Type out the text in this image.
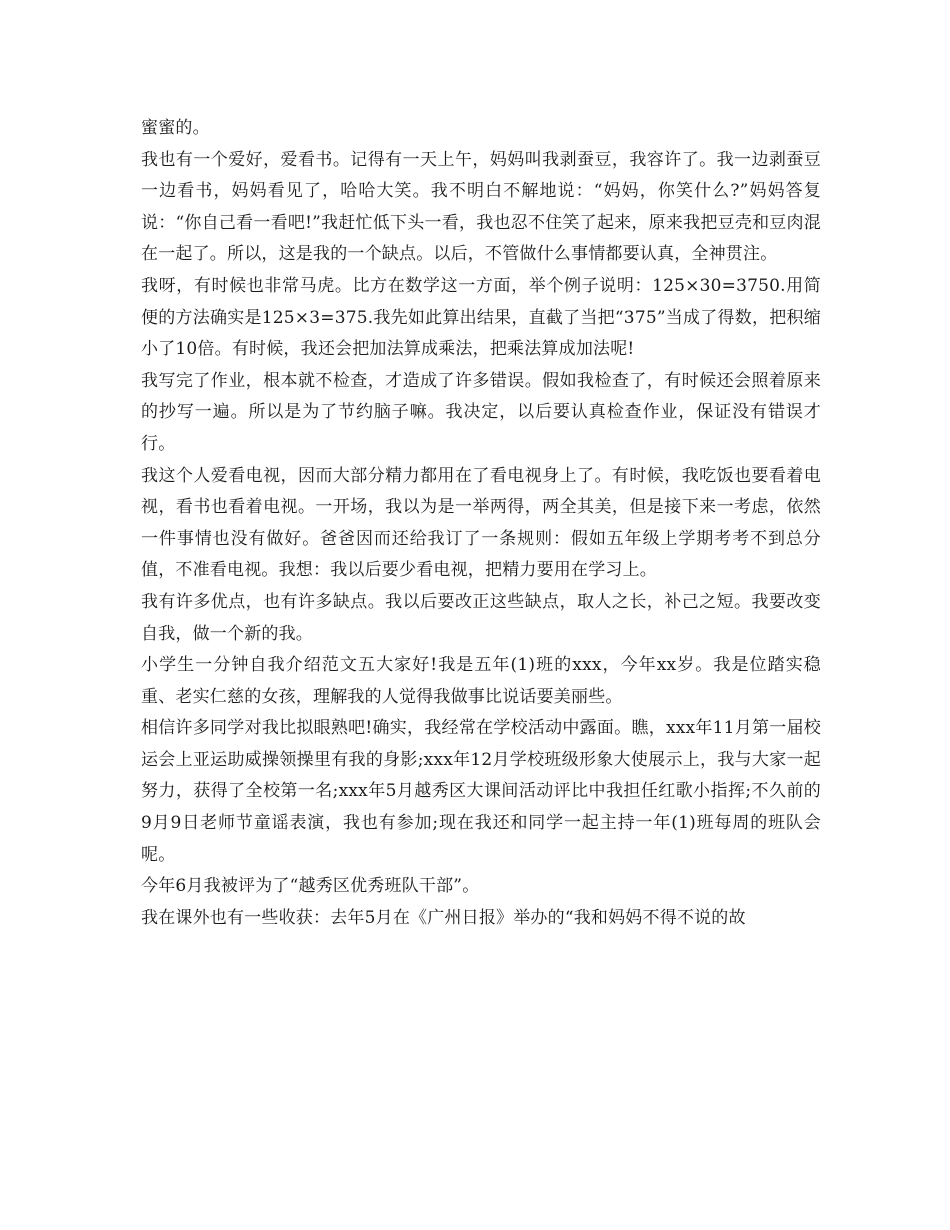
蜜蜜的。

我也有一个爱好，爱看书。记得有一天上午，妈妈叫我剥蚕豆，我容许了。我一边剥蚕豆一边看书，妈妈看见了，哈哈大笑。我不明白不解地说：“妈妈，你笑什么?”妈妈答复说：“你自己看一看吧!”我赶忙低下头一看，我也忍不住笑了起来，原来我把豆壳和豆肉混在一起了。所以，这是我的一个缺点。以后，不管做什么事情都要认真，全神贯注。

我呀，有时候也非常马虎。比方在数学这一方面，举个例子说明：125×30=3750.用简便的方法确实是125×3=375.我先如此算出结果，直截了当把“375”当成了得数，把积缩小了10倍。有时候，我还会把加法算成乘法，把乘法算成加法呢!

我写完了作业，根本就不检查，才造成了许多错误。假如我检查了，有时候还会照着原来的抄写一遍。所以是为了节约脑子嘛。我决定，以后要认真检查作业，保证没有错误才行。

我这个人爱看电视，因而大部分精力都用在了看电视身上了。有时候，我吃饭也要看着电视，看书也看着电视。一开场，我以为是一举两得，两全其美，但是接下来一考虑，依然一件事情也没有做好。爸爸因而还给我订了一条规则：假如五年级上学期考考不到总分值，不准看电视。我想：我以后要少看电视，把精力要用在学习上。

我有许多优点，也有许多缺点。我以后要改正这些缺点，取人之长，补己之短。我要改变自我，做一个新的我。

小学生一分钟自我介绍范文五大家好!我是五年(1)班的xxx，今年xx岁。我是位踏实稳重、老实仁慈的女孩，理解我的人觉得我做事比说话要美丽些。

相信许多同学对我比拟眼熟吧!确实，我经常在学校活动中露面。瞧，xxx年11月第一届校运会上亚运助威操领操里有我的身影;xxx年12月学校班级形象大使展示上，我与大家一起努力，获得了全校第一名;xxx年5月越秀区大课间活动评比中我担任红歌小指挥;不久前的9月9日老师节童谣表演，我也有参加;现在我还和同学一起主持一年(1)班每周的班队会呢。

今年6月我被评为了“越秀区优秀班队干部”。

我在课外也有一些收获：去年5月在《广州日报》举办的“我和妈妈不得不说的故
